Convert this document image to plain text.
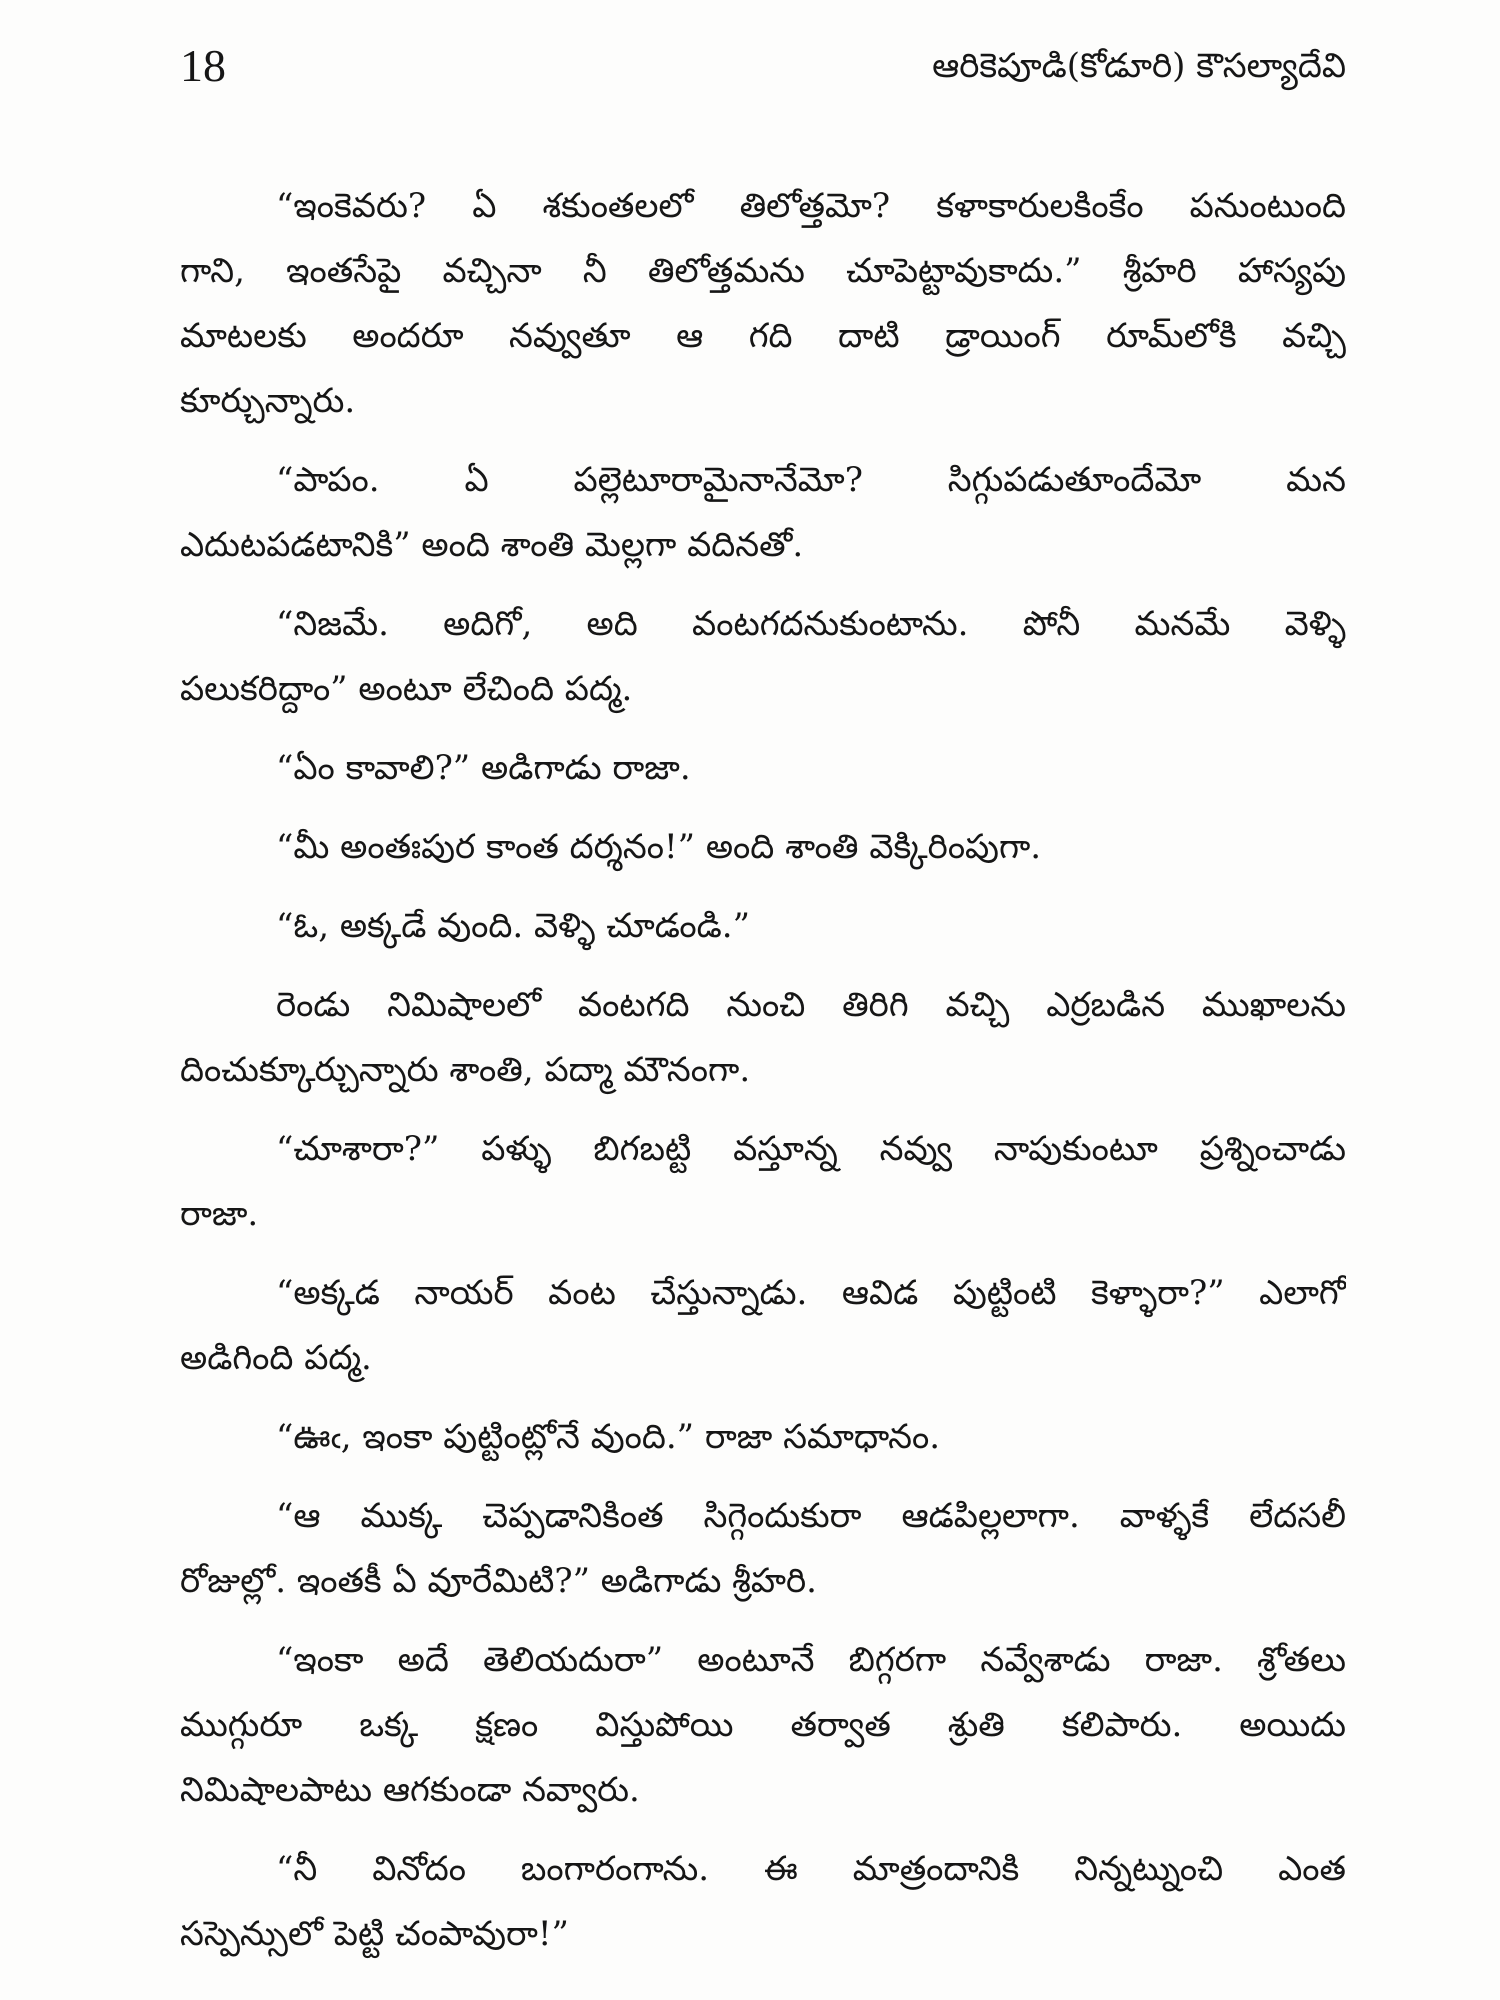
18	ఆరికెపూడి(కోడూరి) కౌసల్యాదేవి
“ఇంకెవరు? ఏ శకుంతలలో తిలోత్తమో? కళాకారులకింకేం పనుంటుంది
గాని, ఇంతసేపై వచ్చినా నీ తిలోత్తమను చూపెట్టావుకాదు.” శ్రీహరి హాస్యపు
మాటలకు అందరూ నవ్వుతూ ఆ గది దాటి డ్రాయింగ్ రూమ్‌లోకి వచ్చి
కూర్చున్నారు.
“పాపం. ఏ పల్లెటూరామైనానేమో? సిగ్గుపడుతూందేమో మన
ఎదుటపడటానికి” అంది శాంతి మెల్లగా వదినతో.
“నిజమే. అదిగో, అది వంటగదనుకుంటాను. పోనీ మనమే వెళ్ళి
పలుకరిద్దాం” అంటూ లేచింది పద్మ.
“ఏం కావాలి?” అడిగాడు రాజా.
“మీ అంతఃపుర కాంత దర్శనం!” అంది శాంతి వెక్కిరింపుగా.
“ఓ, అక్కడే వుంది. వెళ్ళి చూడండి.”
రెండు నిమిషాలలో వంటగది నుంచి తిరిగి వచ్చి ఎర్రబడిన ముఖాలను
దించుక్కూర్చున్నారు శాంతి, పద్మా మౌనంగా.
“చూశారా?” పళ్ళు బిగబట్టి వస్తూన్న నవ్వు నాపుకుంటూ ప్రశ్నించాడు
రాజా.
“అక్కడ నాయర్ వంట చేస్తున్నాడు. ఆవిడ పుట్టింటి కెళ్ళారా?” ఎలాగో
అడిగింది పద్మ.
“ఊఁ, ఇంకా పుట్టింట్లోనే వుంది.” రాజా సమాధానం.
“ఆ ముక్క చెప్పడానికింత సిగ్గెందుకురా ఆడపిల్లలాగా. వాళ్ళకే లేదసలీ
రోజుల్లో. ఇంతకీ ఏ వూరేమిటి?” అడిగాడు శ్రీహరి.
“ఇంకా అదే తెలియదురా” అంటూనే బిగ్గరగా నవ్వేశాడు రాజా. శ్రోతలు
ముగ్గురూ ఒక్క క్షణం విస్తుపోయి తర్వాత శ్రుతి కలిపారు. అయిదు
నిమిషాలపాటు ఆగకుండా నవ్వారు.
“నీ వినోదం బంగారంగాను. ఈ మాత్రందానికి నిన్నట్నుంచి ఎంత
సస్పెన్సులో పెట్టి చంపావురా!”
